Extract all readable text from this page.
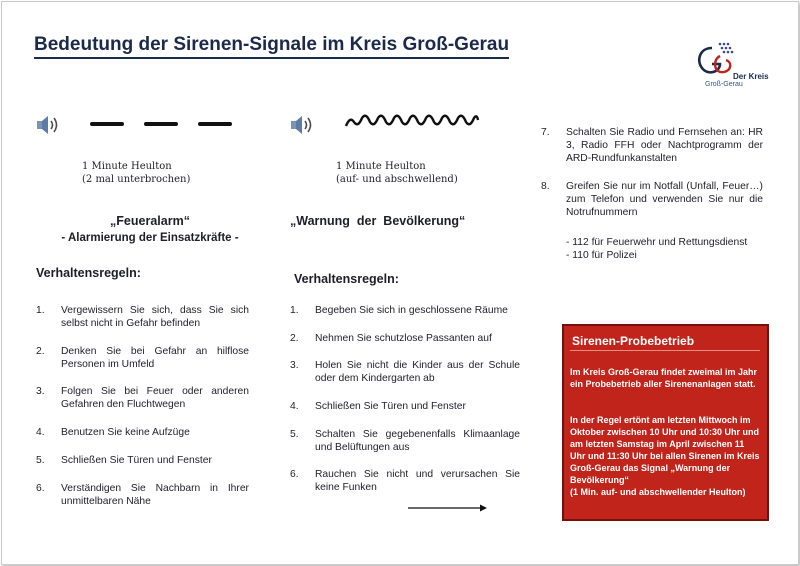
Bedeutung der Sirenen-Signale im Kreis Groß-Gerau
Der Kreis
Groß-Gerau
1 Minute Heulton
(2 mal unterbrochen)
„Feueralarm“
- Alarmierung der Einsatzkräfte -
Verhaltensregeln:
1. Vergewissern Sie sich, dass Sie sich selbst nicht in Gefahr befinden
2. Denken Sie bei Gefahr an hilflose Personen im Umfeld
3. Folgen Sie bei Feuer oder anderen Gefahren den Fluchtwegen
4. Benutzen Sie keine Aufzüge
5. Schließen Sie Türen und Fenster
6. Verständigen Sie Nachbarn in Ihrer unmittelbaren Nähe
1 Minute Heulton
(auf- und abschwellend)
„Warnung  der  Bevölkerung“
Verhaltensregeln:
1. Begeben Sie sich in geschlossene Räume
2. Nehmen Sie schutzlose Passanten auf
3. Holen Sie nicht die Kinder aus der Schule oder dem Kindergarten ab
4. Schließen Sie Türen und Fenster
5. Schalten Sie gegebenenfalls Klimaanlage und Belüftungen aus
6. Rauchen Sie nicht und verursachen Sie keine Funken
7. Schalten Sie Radio und Fernsehen an: HR 3, Radio FFH oder Nachtprogramm der ARD-Rundfunkanstalten
8. Greifen Sie nur im Notfall (Unfall, Feuer…) zum Telefon und verwenden Sie nur die Notrufnummern
- 112 für Feuerwehr und Rettungsdienst
- 110 für Polizei
Sirenen-Probebetrieb
Im Kreis Groß-Gerau findet zweimal im Jahr ein Probebetrieb aller Sirenenanlagen statt.
In der Regel ertönt am letzten Mittwoch im Oktober zwischen 10 Uhr und 10:30 Uhr und am letzten Samstag im April zwischen 11 Uhr und 11:30 Uhr bei allen Sirenen im Kreis Groß-Gerau das Signal „Warnung der Bevölkerung“
(1 Min. auf- und abschwellender Heulton)
